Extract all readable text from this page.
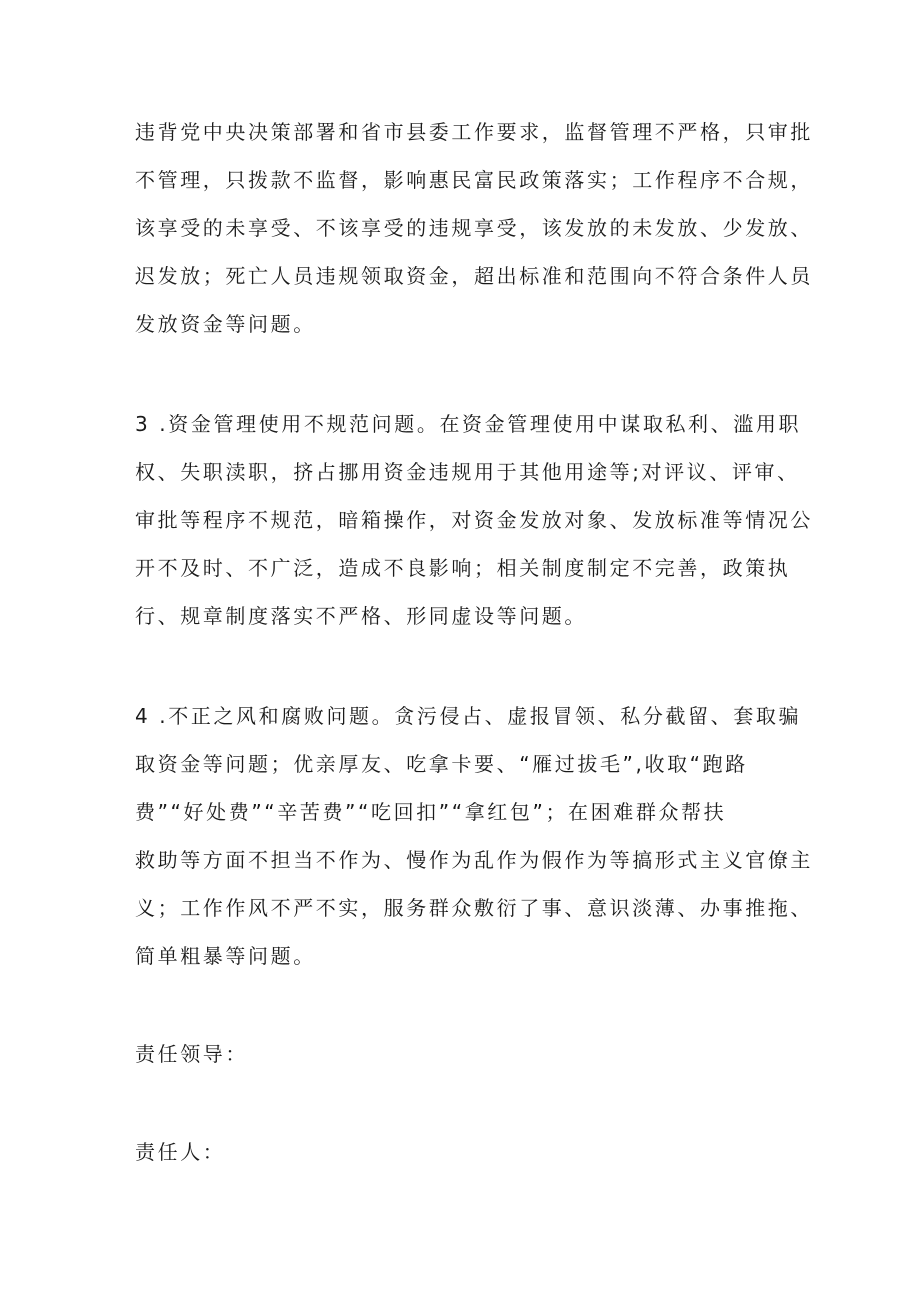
违背党中央决策部署和省市县委工作要求，监督管理不严格，只审批
不管理，只拨款不监督，影响惠民富民政策落实；工作程序不合规，
该享受的未享受、不该享受的违规享受，该发放的未发放、少发放、
迟发放；死亡人员违规领取资金，超出标准和范围向不符合条件人员
发放资金等问题。
3 .资金管理使用不规范问题。在资金管理使用中谋取私利、滥用职
权、失职渎职，挤占挪用资金违规用于其他用途等;对评议、评审、
审批等程序不规范，暗箱操作，对资金发放对象、发放标准等情况公
开不及时、不广泛，造成不良影响；相关制度制定不完善，政策执
行、规章制度落实不严格、形同虚设等问题。
4 .不正之风和腐败问题。贪污侵占、虚报冒领、私分截留、套取骗
取资金等问题；优亲厚友、吃拿卡要、“雁过拔毛”,收取“跑路
费”“好处费”“辛苦费”“吃回扣”“拿红包”；在困难群众帮扶
救助等方面不担当不作为、慢作为乱作为假作为等搞形式主义官僚主
义；工作作风不严不实，服务群众敷衍了事、意识淡薄、办事推拖、
简单粗暴等问题。
责任领导：
责任人：
